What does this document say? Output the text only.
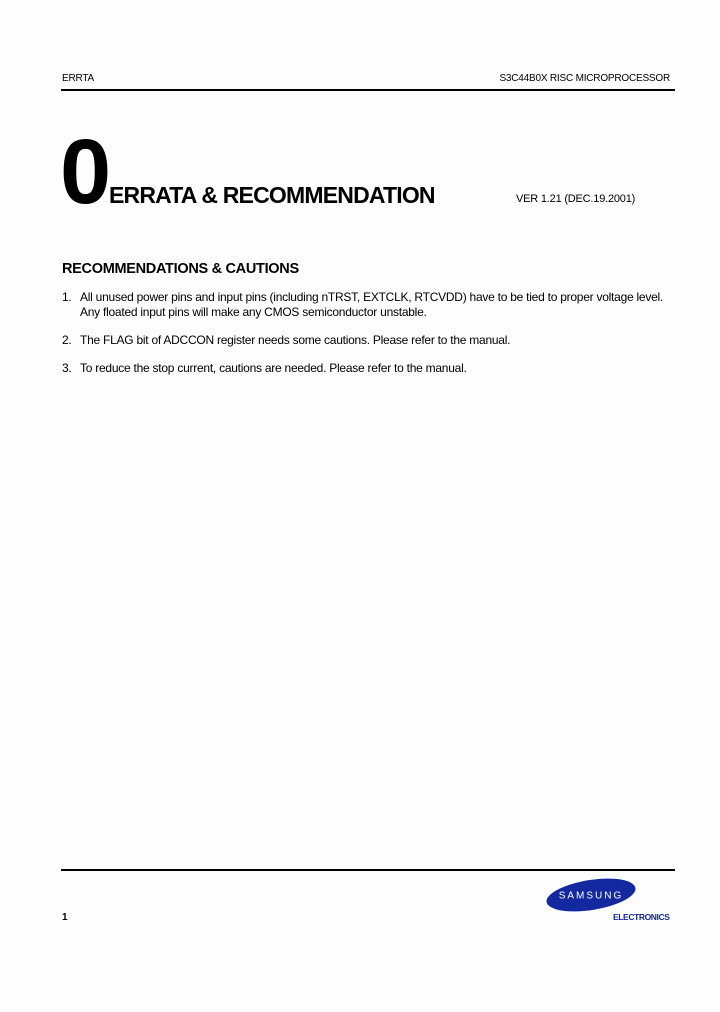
ERRTA	S3C44B0X RISC MICROPROCESSOR
0 ERRATA & RECOMMENDATION	VER 1.21 (DEC.19.2001)
RECOMMENDATIONS & CAUTIONS
1. All unused power pins and input pins (including nTRST, EXTCLK, RTCVDD) have to be tied to proper voltage level.
Any floated input pins will make any CMOS semiconductor unstable.
2. The FLAG bit of ADCCON register needs some cautions. Please refer to the manual.
3. To reduce the stop current, cautions are needed. Please refer to the manual.
1
SAMSUNG
ELECTRONICS
